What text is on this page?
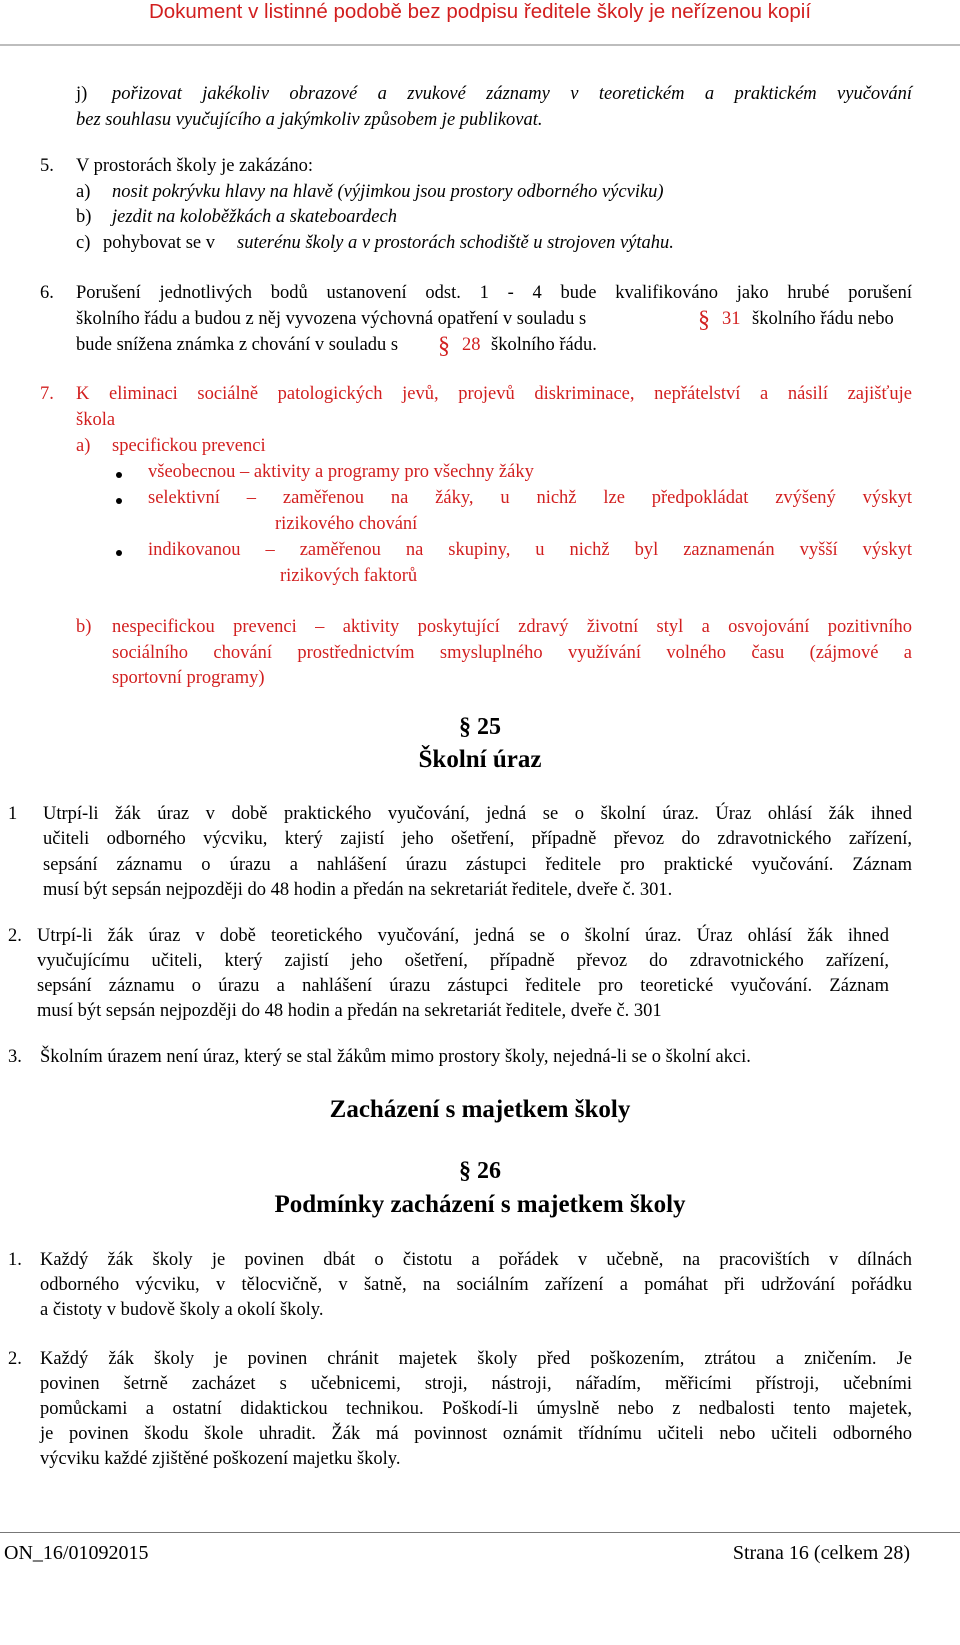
Dokument v listinné podobě bez podpisu ředitele školy je neřízenou kopií
j) pořizovat jakékoliv obrazové a zvukové záznamy v teoretickém a praktickém vyučování
bez souhlasu vyučujícího a jakýmkoliv způsobem je publikovat.
5. V prostorách školy je zakázáno:
a) nosit pokrývku hlavy na hlavě (výjimkou jsou prostory odborného výcviku)
b) jezdit na koloběžkách a skateboardech
c) pohybovat se v suterénu školy a v prostorách schodiště u strojoven výtahu.
6. Porušení jednotlivých bodů ustanovení odst. 1 - 4 bude kvalifikováno jako hrubé porušení
školního řádu a budou z něj vyvozena výchovná opatření v souladu s	§ 31 školního řádu nebo
bude snížena známka z chování v souladu s § 28 školního řádu.
7. K eliminaci sociálně patologických jevů, projevů diskriminace, nepřátelství a násilí zajišťuje
škola
a) specifickou prevenci
všeobecnou – aktivity a programy pro všechny žáky
selektivní – zaměřenou na žáky, u nichž lze předpokládat zvýšený výskyt
rizikového chování
indikovanou – zaměřenou na skupiny, u nichž byl zaznamenán vyšší výskyt
rizikových faktorů
b) nespecifickou prevenci – aktivity poskytující zdravý životní styl a osvojování pozitivního
sociálního chování prostřednictvím smysluplného využívání volného času (zájmové a
sportovní programy)
§ 25
Školní úraz
1 Utrpí-li žák úraz v době praktického vyučování, jedná se o školní úraz. Úraz ohlásí žák ihned
učiteli odborného výcviku, který zajistí jeho ošetření, případně převoz do zdravotnického zařízení,
sepsání záznamu o úrazu a nahlášení úrazu zástupci ředitele pro praktické vyučování. Záznam
musí být sepsán nejpozději do 48 hodin a předán na sekretariát ředitele, dveře č. 301.
2. Utrpí-li žák úraz v době teoretického vyučování, jedná se o školní úraz. Úraz ohlásí žák ihned
vyučujícímu učiteli, který zajistí jeho ošetření, případně převoz do zdravotnického zařízení,
sepsání záznamu o úrazu a nahlášení úrazu zástupci ředitele pro teoretické vyučování. Záznam
musí být sepsán nejpozději do 48 hodin a předán na sekretariát ředitele, dveře č. 301
3. Školním úrazem není úraz, který se stal žákům mimo prostory školy, nejedná-li se o školní akci.
Zacházení s majetkem školy
§ 26
Podmínky zacházení s majetkem školy
1. Každý žák školy je povinen dbát o čistotu a pořádek v učebně, na pracovištích v dílnách
odborného výcviku, v tělocvičně, v šatně, na sociálním zařízení a pomáhat při udržování pořádku
a čistoty v budově školy a okolí školy.
2. Každý žák školy je povinen chránit majetek školy před poškozením, ztrátou a zničením. Je
povinen šetrně zacházet s učebnicemi, stroji, nástroji, nářadím, měřicími přístroji, učebními
pomůckami a ostatní didaktickou technikou. Poškodí-li úmyslně nebo z nedbalosti tento majetek,
je povinen škodu škole uhradit. Žák má povinnost oznámit třídnímu učiteli nebo učiteli odborného
výcviku každé zjištěné poškození majetku školy.
ON_16/01092015	Strana 16 (celkem 28)
